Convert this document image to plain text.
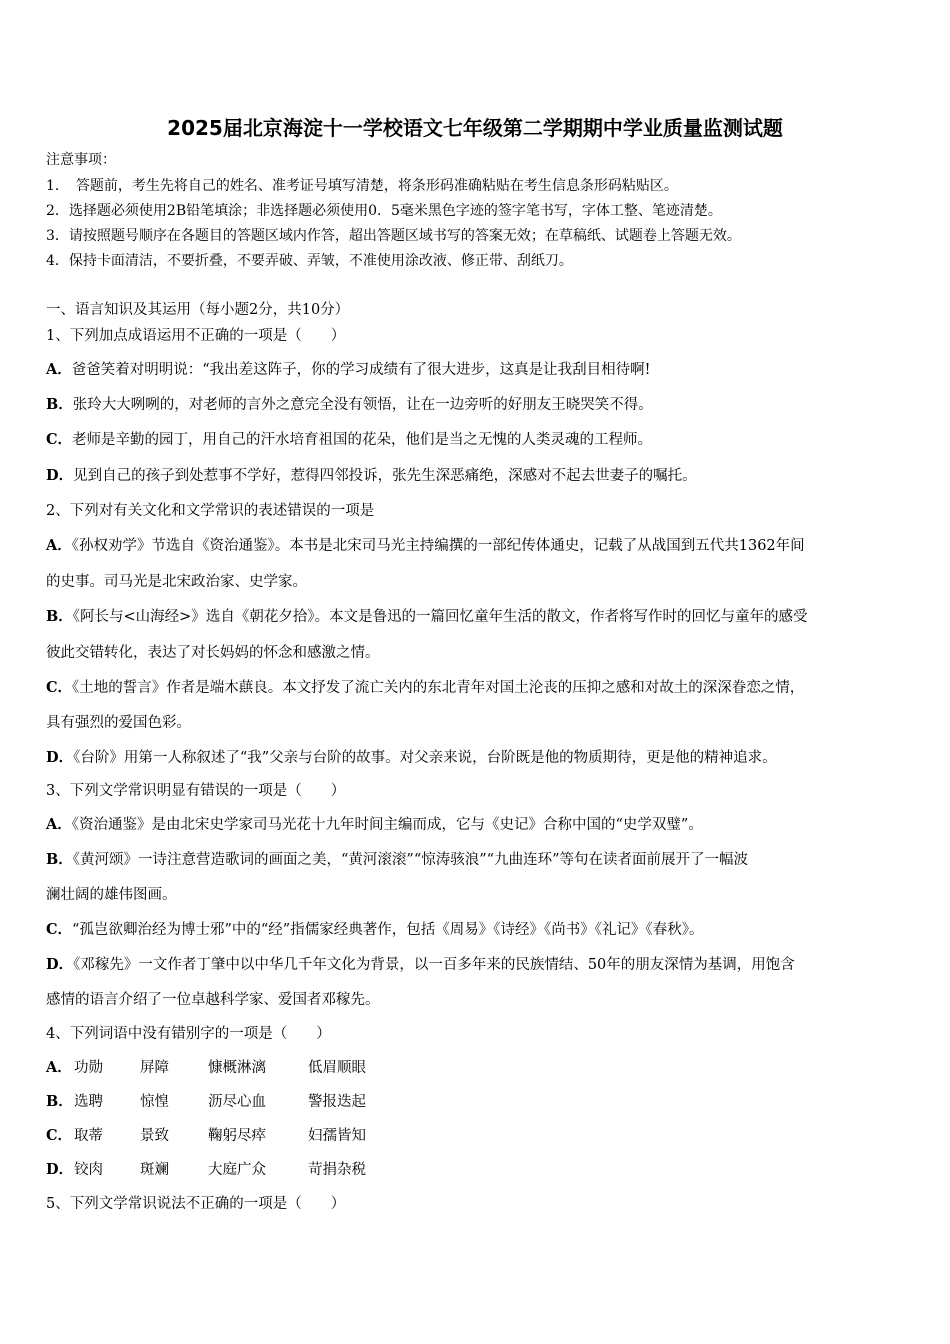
2025届北京海淀十一学校语文七年级第二学期期中学业质量监测试题
注意事项：
1．　答题前，考生先将自己的姓名、准考证号填写清楚，将条形码准确粘贴在考生信息条形码粘贴区。
2．选择题必须使用2B铅笔填涂；非选择题必须使用0．5毫米黑色字迹的签字笔书写，字体工整、笔迹清楚。
3．请按照题号顺序在各题目的答题区域内作答，超出答题区域书写的答案无效；在草稿纸、试题卷上答题无效。
4．保持卡面清洁，不要折叠，不要弄破、弄皱，不准使用涂改液、修正带、刮纸刀。
一、语言知识及其运用（每小题2分，共10分）
1、下列加点成语运用不正确的一项是（　　）
A．爸爸笑着对明明说：“我出差这阵子，你的学习成绩有了很大进步，这真是让我刮目相待啊!
B．张玲大大咧咧的，对老师的言外之意完全没有领悟，让在一边旁听的好朋友王晓哭笑不得。
C．老师是辛勤的园丁，用自己的汗水培育祖国的花朵，他们是当之无愧的人类灵魂的工程师。
D．见到自己的孩子到处惹事不学好，惹得四邻投诉，张先生深恶痛绝，深感对不起去世妻子的嘱托。
2、下列对有关文化和文学常识的表述错误的一项是
A．《孙权劝学》节选自《资治通鉴》。本书是北宋司马光主持编撰的一部纪传体通史，记载了从战国到五代共1362年间
的史事。司马光是北宋政治家、史学家。
B．《阿长与<山海经>》选自《朝花夕拾》。本文是鲁迅的一篇回忆童年生活的散文，作者将写作时的回忆与童年的感受
彼此交错转化，表达了对长妈妈的怀念和感激之情。
C．《土地的誓言》作者是端木蕻良。本文抒发了流亡关内的东北青年对国土沦丧的压抑之感和对故土的深深眷恋之情，
具有强烈的爱国色彩。
D．《台阶》用第一人称叙述了“我”父亲与台阶的故事。对父亲来说，台阶既是他的物质期待，更是他的精神追求。
3、下列文学常识明显有错误的一项是（　　）
A．《资治通鉴》是由北宋史学家司马光花十九年时间主编而成，它与《史记》合称中国的“史学双璧”。
B．《黄河颂》一诗注意营造歌词的画面之美，“黄河滚滚”“惊涛骇浪”“九曲连环”等句在读者面前展开了一幅波
澜壮阔的雄伟图画。
C．“孤岂欲卿治经为博士邪”中的“经”指儒家经典著作，包括《周易》《诗经》《尚书》《礼记》《春秋》。
D．《邓稼先》一文作者丁肇中以中华几千年文化为背景，以一百多年来的民族情结、50年的朋友深情为基调，用饱含
感情的语言介绍了一位卓越科学家、爱国者邓稼先。
4、下列词语中没有错别字的一项是（　　）
A． 功勋	屏障	慷概淋漓	低眉顺眼
B．选聘	惊惶	沥尽心血	警报迭起
C． 取蒂	景致	鞠躬尽瘁	妇孺皆知
D．铰肉	斑斓	大庭广众	苛捐杂税
5、下列文学常识说法不正确的一项是（　　）
